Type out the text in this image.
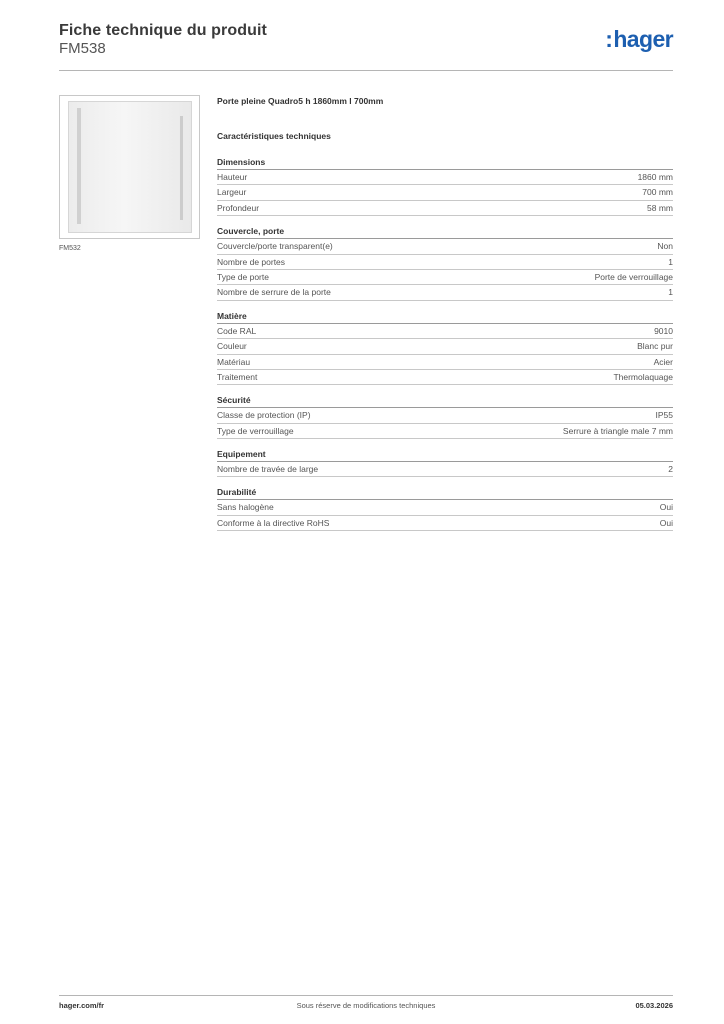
Fiche technique du produit
FM538	:hager
FM532
Porte pleine Quadro5 h 1860mm l 700mm
Caractéristiques techniques
Dimensions
Hauteur	1860 mm
Largeur	700 mm
Profondeur	58 mm
Couvercle, porte
Couvercle/porte transparent(e)	Non
Nombre de portes	1
Type de porte	Porte de verrouillage
Nombre de serrure de la porte	1
Matière
Code RAL	9010
Couleur	Blanc pur
Matériau	Acier
Traitement	Thermolaquage
Sécurité
Classe de protection (IP)	IP55
Type de verrouillage	Serrure à triangle male 7 mm
Equipement
Nombre de travée de large	2
Durabilité
Sans halogène	Oui
Conforme à la directive RoHS	Oui
hager.com/fr	Sous réserve de modifications techniques	05.03.2026
